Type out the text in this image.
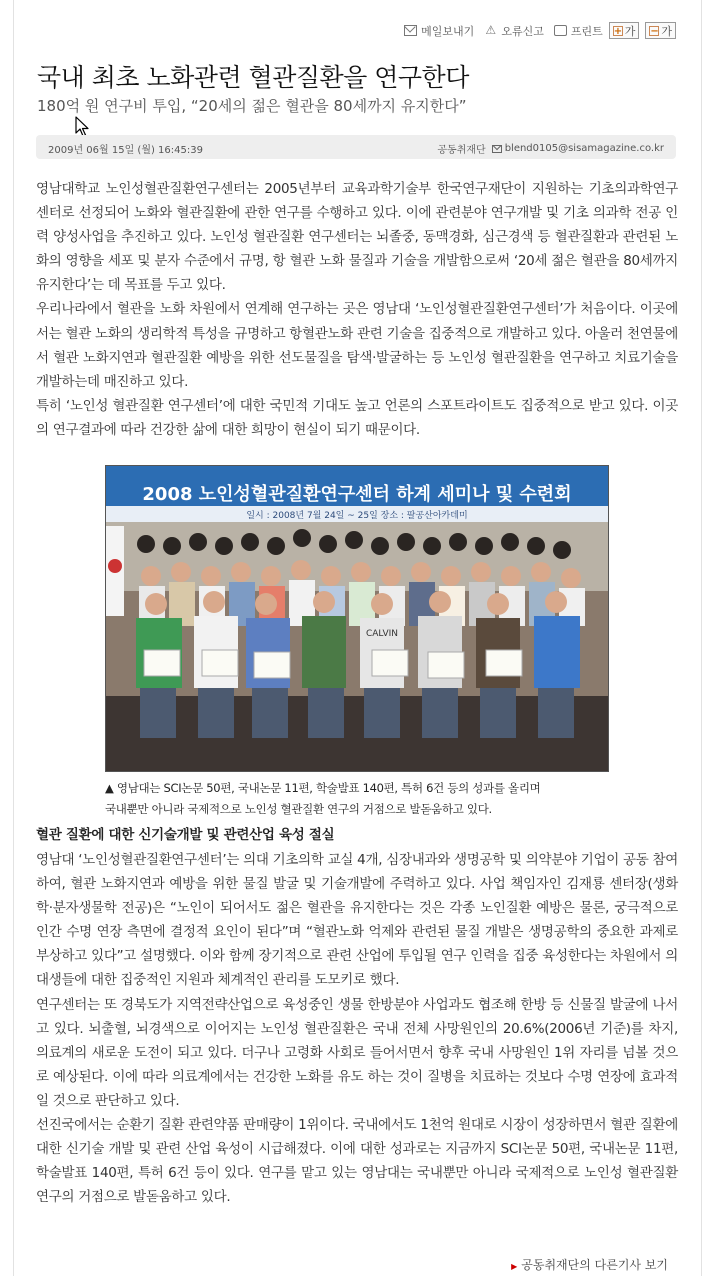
메일보내기 ⚠ 오류신고 프린트 + 가 − 가
국내 최초 노화관련 혈관질환을 연구한다
180억 원 연구비 투입, “20세의 젊은 혈관을 80세까지 유지한다”
2009년 06월 15일 (월) 16:45:39	공동취재단 blend0105@sisamagazine.co.kr

영남대학교 노인성혈관질환연구센터는 2005년부터 교육과학기술부 한국연구재단이 지원하는 기초의과학연구센터로 선정되어 노화와 혈관질환에 관한 연구를 수행하고 있다. 이에 관련분야 연구개발 및 기초 의과학 전공 인력 양성사업을 추진하고 있다. 노인성 혈관질환 연구센터는 뇌졸중, 동맥경화, 심근경색 등 혈관질환과 관련된 노화의 영향을 세포 및 분자 수준에서 규명, 항 혈관 노화 물질과 기술을 개발함으로써 ‘20세 젊은 혈관을 80세까지 유지한다’는 데 목표를 두고 있다.

우리나라에서 혈관을 노화 차원에서 연계해 연구하는 곳은 영남대 ‘노인성혈관질환연구센터’가 처음이다. 이곳에서는 혈관 노화의 생리학적 특성을 규명하고 항혈관노화 관련 기술을 집중적으로 개발하고 있다. 아울러 천연물에서 혈관 노화지연과 혈관질환 예방을 위한 선도물질을 탐색·발굴하는 등 노인성 혈관질환을 연구하고 치료기술을 개발하는데 매진하고 있다.

특히 ‘노인성 혈관질환 연구센터’에 대한 국민적 기대도 높고 언론의 스포트라이트도 집중적으로 받고 있다. 이곳의 연구결과에 따라 건강한 삶에 대한 희망이 현실이 되기 때문이다.

2008 노인성혈관질환연구센터 하계 세미나 및 수련회
일시 : 2008년 7월 24일 ~ 25일 장소 : 팔공산아카데미
CALVIN

▲ 영남대는 SCI논문 50편, 국내논문 11편, 학술발표 140편, 특허 6건 등의 성과를 올리며

국내뿐만 아니라 국제적으로 노인성 혈관질환 연구의 거점으로 발돋움하고 있다.

혈관 질환에 대한 신기술개발 및 관련산업 육성 절실

영남대 ‘노인성혈관질환연구센터’는 의대 기초의학 교실 4개, 심장내과와 생명공학 및 의약분야 기업이 공동 참여하여, 혈관 노화지연과 예방을 위한 물질 발굴 및 기술개발에 주력하고 있다. 사업 책임자인 김재룡 센터장(생화학·분자생물학 전공)은 “노인이 되어서도 젊은 혈관을 유지한다는 것은 각종 노인질환 예방은 물론, 궁극적으로 인간 수명 연장 측면에 결정적 요인이 된다”며 “혈관노화 억제와 관련된 물질 개발은 생명공학의 중요한 과제로 부상하고 있다”고 설명했다. 이와 함께 장기적으로 관련 산업에 투입될 연구 인력을 집중 육성한다는 차원에서 의대생들에 대한 집중적인 지원과 체계적인 관리를 도모키로 했다.

연구센터는 또 경북도가 지역전략산업으로 육성중인 생물 한방분야 사업과도 협조해 한방 등 신물질 발굴에 나서고 있다. 뇌출혈, 뇌경색으로 이어지는 노인성 혈관질환은 국내 전체 사망원인의 20.6%(2006년 기준)를 차지, 의료계의 새로운 도전이 되고 있다. 더구나 고령화 사회로 들어서면서 향후 국내 사망원인 1위 자리를 넘볼 것으로 예상된다. 이에 따라 의료계에서는 건강한 노화를 유도 하는 것이 질병을 치료하는 것보다 수명 연장에 효과적일 것으로 판단하고 있다.

선진국에서는 순환기 질환 관련약품 판매량이 1위이다. 국내에서도 1천억 원대로 시장이 성장하면서 혈관 질환에 대한 신기술 개발 및 관련 산업 육성이 시급해졌다. 이에 대한 성과로는 지금까지 SCI논문 50편, 국내논문 11편, 학술발표 140편, 특허 6건 등이 있다. 연구를 맡고 있는 영남대는 국내뿐만 아니라 국제적으로 노인성 혈관질환 연구의 거점으로 발돋움하고 있다.

▶ 공동취재단의 다른기사 보기
